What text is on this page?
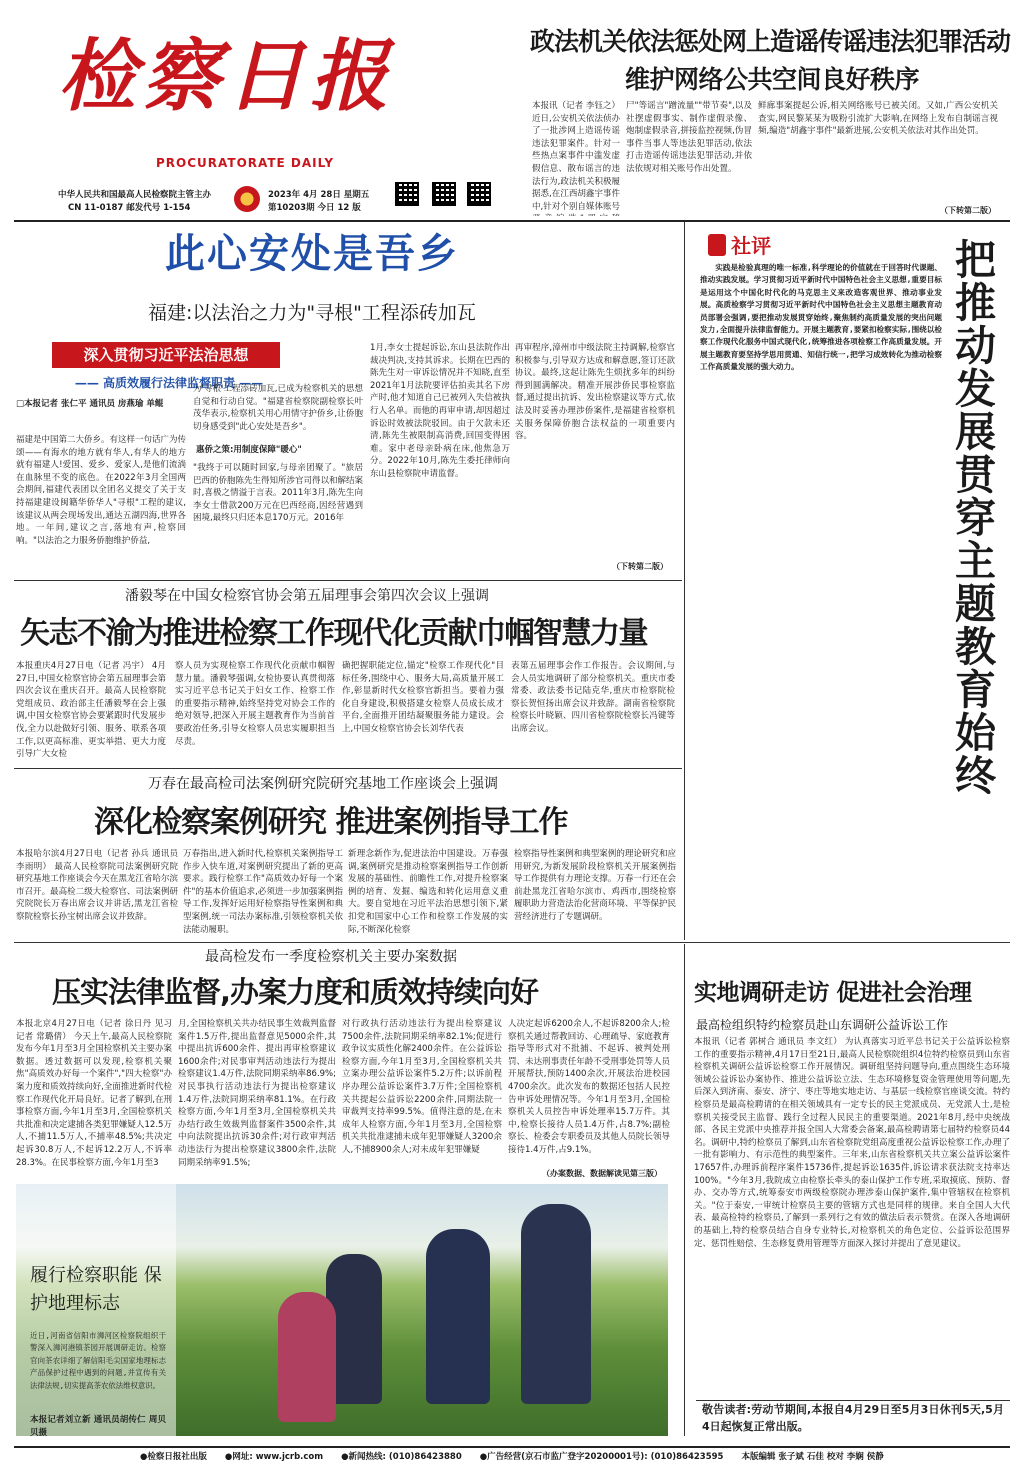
检察日报
PROCURATORATE DAILY
中华人民共和国最高人民检察院主管主办
CN 11-0187 邮发代号 1-154
2023年 4月 28日 星期五
第10203期 今日 12 版
政法机关依法惩处网上造谣传谣违法犯罪活动
维护网络公共空间良好秩序
本报讯（记者 李钰之） 近日,公安机关依法侦办了一批涉网上造谣传谣违法犯罪案件。针对一些热点案事件中滥发虚假信息、散布谣言的违法行为,政法机关积极履
据悉,在江西胡鑫宇事件中,针对个别自媒体账号
尸"等谣言"蹭流量""带节奏",以及社摆虚假事实、制作虚假录像、炮制虚假录音,拼接监控视频,伪冒事件当事人等违法犯罪活动,依法打击造谣传谣违法犯罪活动,并依法依规对相关账号作出处置。
鲜廊事案提起公诉,相关网络账号已被关闭。又如,广西公安机关查实,网民黎某某为吸粉引流扩大影响,在网络上发布自制谣言视频,编造"胡鑫宇事件"最新进展,公安机关依法对其作出处罚。
（下转第二版）
此心安处是吾乡
福建:以法治之力为"寻根"工程添砖加瓦
深入贯彻习近平法治思想
—— 高质效履行法律监督职责 ——
□本报记者 张仁平 通讯员 房燕瑜 单鲲
福建是中国第二大侨乡。有这样一句话广为传颂——有海水的地方就有华人,有华人的地方就有福建人!爱国、爱乡、爱家人,是他们流淌在血脉里不变的底色。在2022年3月全国两会期间,福建代表团以全团名义提交了关于支持福建建设闽籍华侨华人"寻根"工程的建议,该建议从两会现场发出,通达五湖四海,世界各地。一年间,建议之言,落地有声,检察回响。"以法治之力服务侨胞维护侨益,
为'寻根'工程添砖加瓦,已成为检察机关的思想自觉和行动自觉。"福建省检察院副检察长叶茂华表示,检察机关用心用情守护侨乡,让侨胞切身感受到"此心安处是吾乡"。
惠侨之策:用制度保障"暖心"
"我终于可以随时回家,与母亲团聚了。"旅居巴西的侨胞陈先生得知所涉官司得以和解结案时,喜极之情溢于言表。2011年3月,陈先生向李女士借款200万元在巴西经商,因经营遇到困境,最终只归还本息170万元。2016年
1月,李女士提起诉讼,东山县法院作出裁决判决,支持其诉求。长期在巴西的陈先生对一审诉讼情况并不知晓,直至2021年1月法院要评估拍卖其名下房产时,他才知道自己已被列入失信被执行人名单。而他的再审申请,却因超过诉讼时效被法院驳回。由于欠款未还清,陈先生被限制高消费,回国变得困难。家中老母亲卧病在床,他焦急万分。2022年10月,陈先生委托律师向东山县检察院申请监督。
再审程序,漳州市中级法院主持调解,检察官积极参与,引导双方达成和解意愿,签订还款协议。最终,这起让陈先生烦扰多年的纠纷得到圆满解决。精准开展涉侨民事检察监督,通过提出抗诉、发出检察建议等方式,依法及时妥善办理涉侨案件,是福建省检察机关服务保障侨胞合法权益的一项重要内容。
（下转第二版）
社评	把推动发展贯穿主题教育始终
实践是检验真理的唯一标准,科学理论的价值就在于回答时代课题、推动实践发展。学习贯彻习近平新时代中国特色社会主义思想,重要目标是运用这个中国化时代化的马克思主义来改造客观世界、推动事业发展。高质检察学习贯彻习近平新时代中国特色社会主义思想主题教育动员部署会强调,要把推动发展贯穿始终,聚焦制约高质量发展的突出问题发力,全面提升法律监督能力。开展主题教育,要紧扣检察实际,围绕以检察工作现代化服务中国式现代化,统筹推进各项检察工作高质量发展。开展主题教育要坚持学思用贯通、知信行统一,把学习成效转化为推动检察工作高质量发展的强大动力。
潘毅琴在中国女检察官协会第五届理事会第四次会议上强调
矢志不渝为推进检察工作现代化贡献巾帼智慧力量
本报重庆4月27日电（记者 冯宇） 4月27日,中国女检察官协会第五届理事会第四次会议在重庆召开。最高人民检察院党组成员、政治部主任潘毅琴在会上强调,中国女检察官协会要紧跟时代发展步伐,全力以赴做好引领、服务、联系各项工作,以更高标准、更实举措、更大力度引导广大女检
察人员为实现检察工作现代化贡献巾帼智慧力量。潘毅琴强调,女检协要认真贯彻落实习近平总书记关于妇女工作、检察工作的重要指示精神,始终坚持党对协会工作的绝对领导,把深入开展主题教育作为当前首要政治任务,引导女检察人员忠实履职担当尽责。
确把握职能定位,锚定"检察工作现代化"目标任务,围绕中心、服务大局,高质量开展工作,彰显新时代女检察官新担当。要着力强化自身建设,积极搭建女检察人员成长成才平台,全面推开团结凝聚服务能力建设。会上,中国女检察官协会长刘华代表
表第五届理事会作工作报告。会议期间,与会人员实地调研了部分检察机关。重庆市委常委、政法委书记陆克华,重庆市检察院检察长贺恒扬出席会议并致辞。湖南省检察院检察长叶晓颖、四川省检察院检察长冯键等出席会议。
万春在最高检司法案例研究院研究基地工作座谈会上强调
深化检察案例研究 推进案例指导工作
本报哈尔滨4月27日电（记者 孙兵 通讯员 李雨明） 最高人民检察院司法案例研究院研究基地工作座谈会今天在黑龙江省哈尔滨市召开。最高检二级大检察官、司法案例研究院院长万春出席会议并讲话,黑龙江省检察院检察长孙宝树出席会议并致辞。
万春指出,进入新时代,检察机关案例指导工作步入快车道,对案例研究提出了新的更高要求。践行检察工作"高质效办好每一个案件"的基本价值追求,必须进一步加强案例指导工作,发挥好运用好检察指导性案例和典型案例,统一司法办案标准,引领检察机关依法能动履职。
新理念新作为,促进法治中国建设。万春强调,案例研究是推动检察案例指导工作创新发展的基础性、前瞻性工作,对提升检察案例的培育、发掘、编选和转化运用意义重大。要自觉地在习近平法治思想引领下,紧扣党和国家中心工作和检察工作发展的实际,不断深化检察
检察指导性案例和典型案例的理论研究和应用研究,为新发展阶段检察机关开展案例指导工作提供有力理论支撑。万春一行还在会前赴黑龙江省哈尔滨市、鸡西市,围绕检察履职助力营造法治化营商环境、平等保护民营经济进行了专题调研。
最高检发布一季度检察机关主要办案数据
压实法律监督,办案力度和质效持续向好
本报北京4月27日电（记者 徐日丹 见习记者 常璐倩） 今天上午,最高人民检察院发布今年1月至3月全国检察机关主要办案数据。透过数据可以发现,检察机关聚焦"高质效办好每一个案件","四大检察"办案力度和质效持续向好,全面推进新时代检察工作现代化开局良好。记者了解到,在刑事检察方面,今年1月至3月,全国检察机关共批准和决定逮捕各类犯罪嫌疑人12.5万人,不捕11.5万人,不捕率48.5%;共决定起诉30.8万人,不起诉12.2万人,不诉率28.3%。在民事检察方面,今年1月至3
月,全国检察机关共办结民事生效裁判监督案件1.5万件,提出监督意见5000余件,其中提出抗诉600余件、提出再审检察建议1600余件;对民事审判活动违法行为提出检察建议1.4万件,法院同期采纳率86.9%;对民事执行活动违法行为提出检察建议1.4万件,法院同期采纳率81.1%。在行政检察方面,今年1月至3月,全国检察机关共办结行政生效裁判监督案件3500余件,其中向法院提出抗诉30余件;对行政审判活动违法行为提出检察建议3800余件,法院同期采纳率91.5%;
对行政执行活动违法行为提出检察建议7500余件,法院同期采纳率82.1%;促进行政争议实质性化解2400余件。在公益诉讼检察方面,今年1月至3月,全国检察机关共立案办理公益诉讼案件5.2万件;以诉前程序办理公益诉讼案件3.7万件;全国检察机关共提起公益诉讼2200余件,同期法院一审裁判支持率99.5%。值得注意的是,在未成年人检察方面,今年1月至3月,全国检察机关共批准逮捕未成年犯罪嫌疑人3200余人,不捕8900余人;对未成年犯罪嫌疑
人决定起诉6200余人,不起诉8200余人;检察机关通过帮教回访、心理疏导、家庭教育指导等形式对不批捕、不起诉、被判处刑罚、未达刑事责任年龄不受刑事处罚等人员开展帮扶,预防1400余次,开展法治进校园4700余次。此次发布的数据还包括人民控告申诉处理情况等。今年1月至3月,全国检察机关人员控告申诉处理率15.7万件。其中,检察长接待人员1.4万件,占8.7%;副检察长、检委会专职委员及其他人员院长领导接待1.4万件,占9.1%。
（办案数据、数据解读见第三版）
实地调研走访 促进社会治理
最高检组织特约检察员赴山东调研公益诉讼工作
本报讯（记者 郭树合 通讯员 李文红） 为认真落实习近平总书记关于公益诉讼检察工作的重要指示精神,4月17日至21日,最高人民检察院组织4位特约检察员到山东省检察机关调研公益诉讼检察工作开展情况。调研组坚持问题导向,重点围绕生态环境领域公益诉讼办案协作、推进公益诉讼立法、生态环境修复资金管理使用等问题,先后深入到济南、泰安、济宁、枣庄等地实地走访、与基层一线检察官座谈交流。特约检察员是最高检聘请的在相关领域具有一定专长的民主党派成员、无党派人士,是检察机关接受民主监督、践行全过程人民民主的重要渠道。2021年8月,经中央统战部、各民主党派中央推荐并报全国人大常委会备案,最高检聘请第七届特约检察员44名。调研中,特约检察员了解到,山东省检察院党组高度重视公益诉讼检察工作,办理了一批有影响力、有示范性的典型案件。三年来,山东省检察机关共立案公益诉讼案件17657件,办理诉前程序案件15736件,提起诉讼1635件,诉讼请求获法院支持率达100%。"今年3月,我院成立由检察长牵头的泰山保护工作专班,采取摸底、预防、督办、交办等方式,统筹泰安市两级检察院办理涉泰山保护案件,集中管辖权在检察机关。"位于泰安,一审统计检察员主要的管辖方式也是同样的规律。来自全国人大代表、最高检特约检察员,了解到一系列行之有效的做法后表示赞赏。在深入各地调研的基础上,特约检察员结合自身专业特长,对检察机关的角色定位、公益诉讼范围界定、惩罚性赔偿、生态修复费用管理等方面深入探讨并提出了意见建议。
履行检察职能 保护地理标志
近日,河南省信阳市浉河区检察院组织干警深入浉河港镇茶园开展调研走访。检察官向茶农详细了解信阳毛尖国家地理标志产品保护过程中遇到的问题,并宣传有关法律法规,切实提高茶农依法维权意识。
本报记者刘立新 通讯员胡传仁 周贝贝摄
敬告读者:劳动节期间,本报自4月29日至5月3日休刊5天,5月4日起恢复正常出版。
●检察日报社出版 ●网址: www.jcrb.com ●新闻热线: (010)86423880 ●广告经营(京石市监广登字20200001号): (010)86423595 本版编辑 张子斌 石佳 校对 李娴 侯静
